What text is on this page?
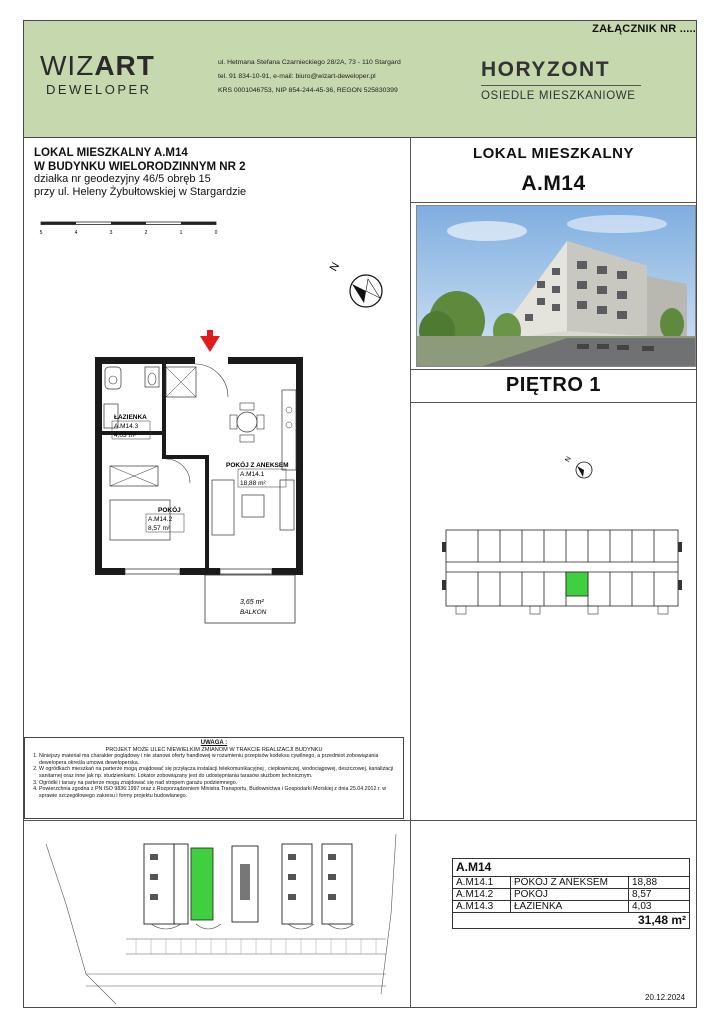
ZAŁĄCZNIK NR .....
WIZART
DEWELOPER
ul. Hetmana Stefana Czarnieckiego 28/2A, 73 - 110 Stargard
tel. 91 834-10-91, e-mail: biuro@wizart-deweloper.pl
KRS 0001046753, NIP 854-244-45-36, REGON 525830399
HORYZONT
OSIEDLE MIESZKANIOWE
LOKAL MIESZKALNY A.M14
W BUDYNKU WIELORODZINNYM NR 2
działka nr geodezyjny 46/5 obręb 15
przy ul. Heleny Żybułtowskiej w Stargardzie
5	4	3	2	1	0
N
ŁAZIENKA
A.M14.3
4,03 m²
POKÓJ Z ANEKSEM
A.M14.1
18,88 m²
POKÓJ
A.M14.2
8,57 m²
3,65 m²
BALKON
LOKAL MIESZKALNY
A.M14
PIĘTRO 1
N
UWAGA :
PROJEKT MOŻE ULEC NIEWIELKIM ZMIANOM W TRAKCIE REALIZACJI BUDYNKU
1. Niniejszy materiał ma charakter poglądowy i nie stanowi oferty handlowej w rozumieniu przepisów kodeksu cywilnego, a przedmiot zobowiązania dewelopera określa umowa deweloperska.
2. W ogródkach mieszkań na parterze mogą znajdować się przyłącza instalacji telekomunikacyjnej , ciepłowniczej, wodociągowej, deszczowej, kanalizacji sanitarnej oraz inne jak np. studzienkami. Lokator zobowiązany jest do udostępniania tarasów służbom technicznym.
3. Ogródki i tarasy na parterze mogą znajdować się nad stropem garażu podziemnego.
4. Powierzchnia zgodna z PN ISO 9836:1997 oraz z Rozporządzeniem Ministra Transportu, Budownictwa i Gospodarki Morskiej z dnia 25.04.2012 r. w sprawie szczegółowego zakresu i formy projektu budowlanego.
A.M14		
A.M14.1	POKÓJ Z ANEKSEM	18,88
A.M14.2	POKÓJ	8,57
A.M14.3	ŁAZIENKA	4,03
31,48 m²		
20.12.2024
